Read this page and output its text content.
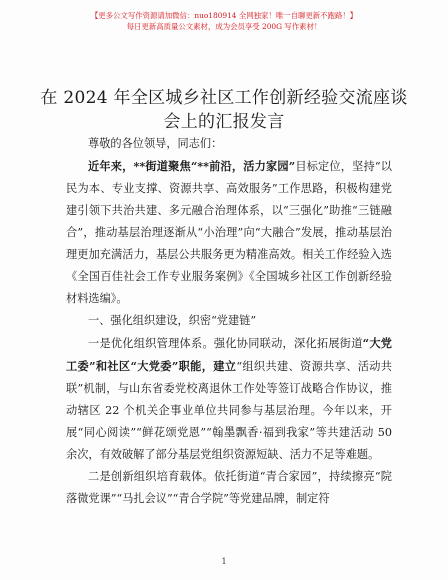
【更多公文写作资源请加微信：nuo180914 全网独家！唯一自聊更新不跑路！】
每日更新高质量公文素材，成为会员享受 200G 写作素材！
在 2024 年全区城乡社区工作创新经验交流座谈
会上的汇报发言

尊敬的各位领导，同志们：

近年来，**街道聚焦“**前沿，活力家园”目标定位，坚持“以民为本、专业支撑、资源共享、高效服务”工作思路，积极构建党建引领下共治共建、多元融合治理体系，以“三强化”助推“三链融合”，推动基层治理逐渐从“小治理”向“大融合”发展，推动基层治理更加充满活力，基层公共服务更为精准高效。相关工作经验入选《全国百佳社会工作专业服务案例》《全国城乡社区工作创新经验材料选编》。

一、强化组织建设，织密“党建链”

一是优化组织管理体系。强化协同联动，深化拓展街道“大党工委”和社区“大党委”职能，建立“组织共建、资源共享、活动共联”机制，与山东省委党校离退休工作处等签订战略合作协议，推动辖区 22 个机关企事业单位共同参与基层治理。今年以来，开展“同心阅读”“鲜花颂党恩”“翰墨飘香·福到我家”等共建活动 50 余次，有效破解了部分基层党组织资源短缺、活力不足等难题。

二是创新组织培育载体。依托街道“青合家园”，持续擦亮“院落微党课”“马扎会议”“青合学院”等党建品牌，制定符

1
